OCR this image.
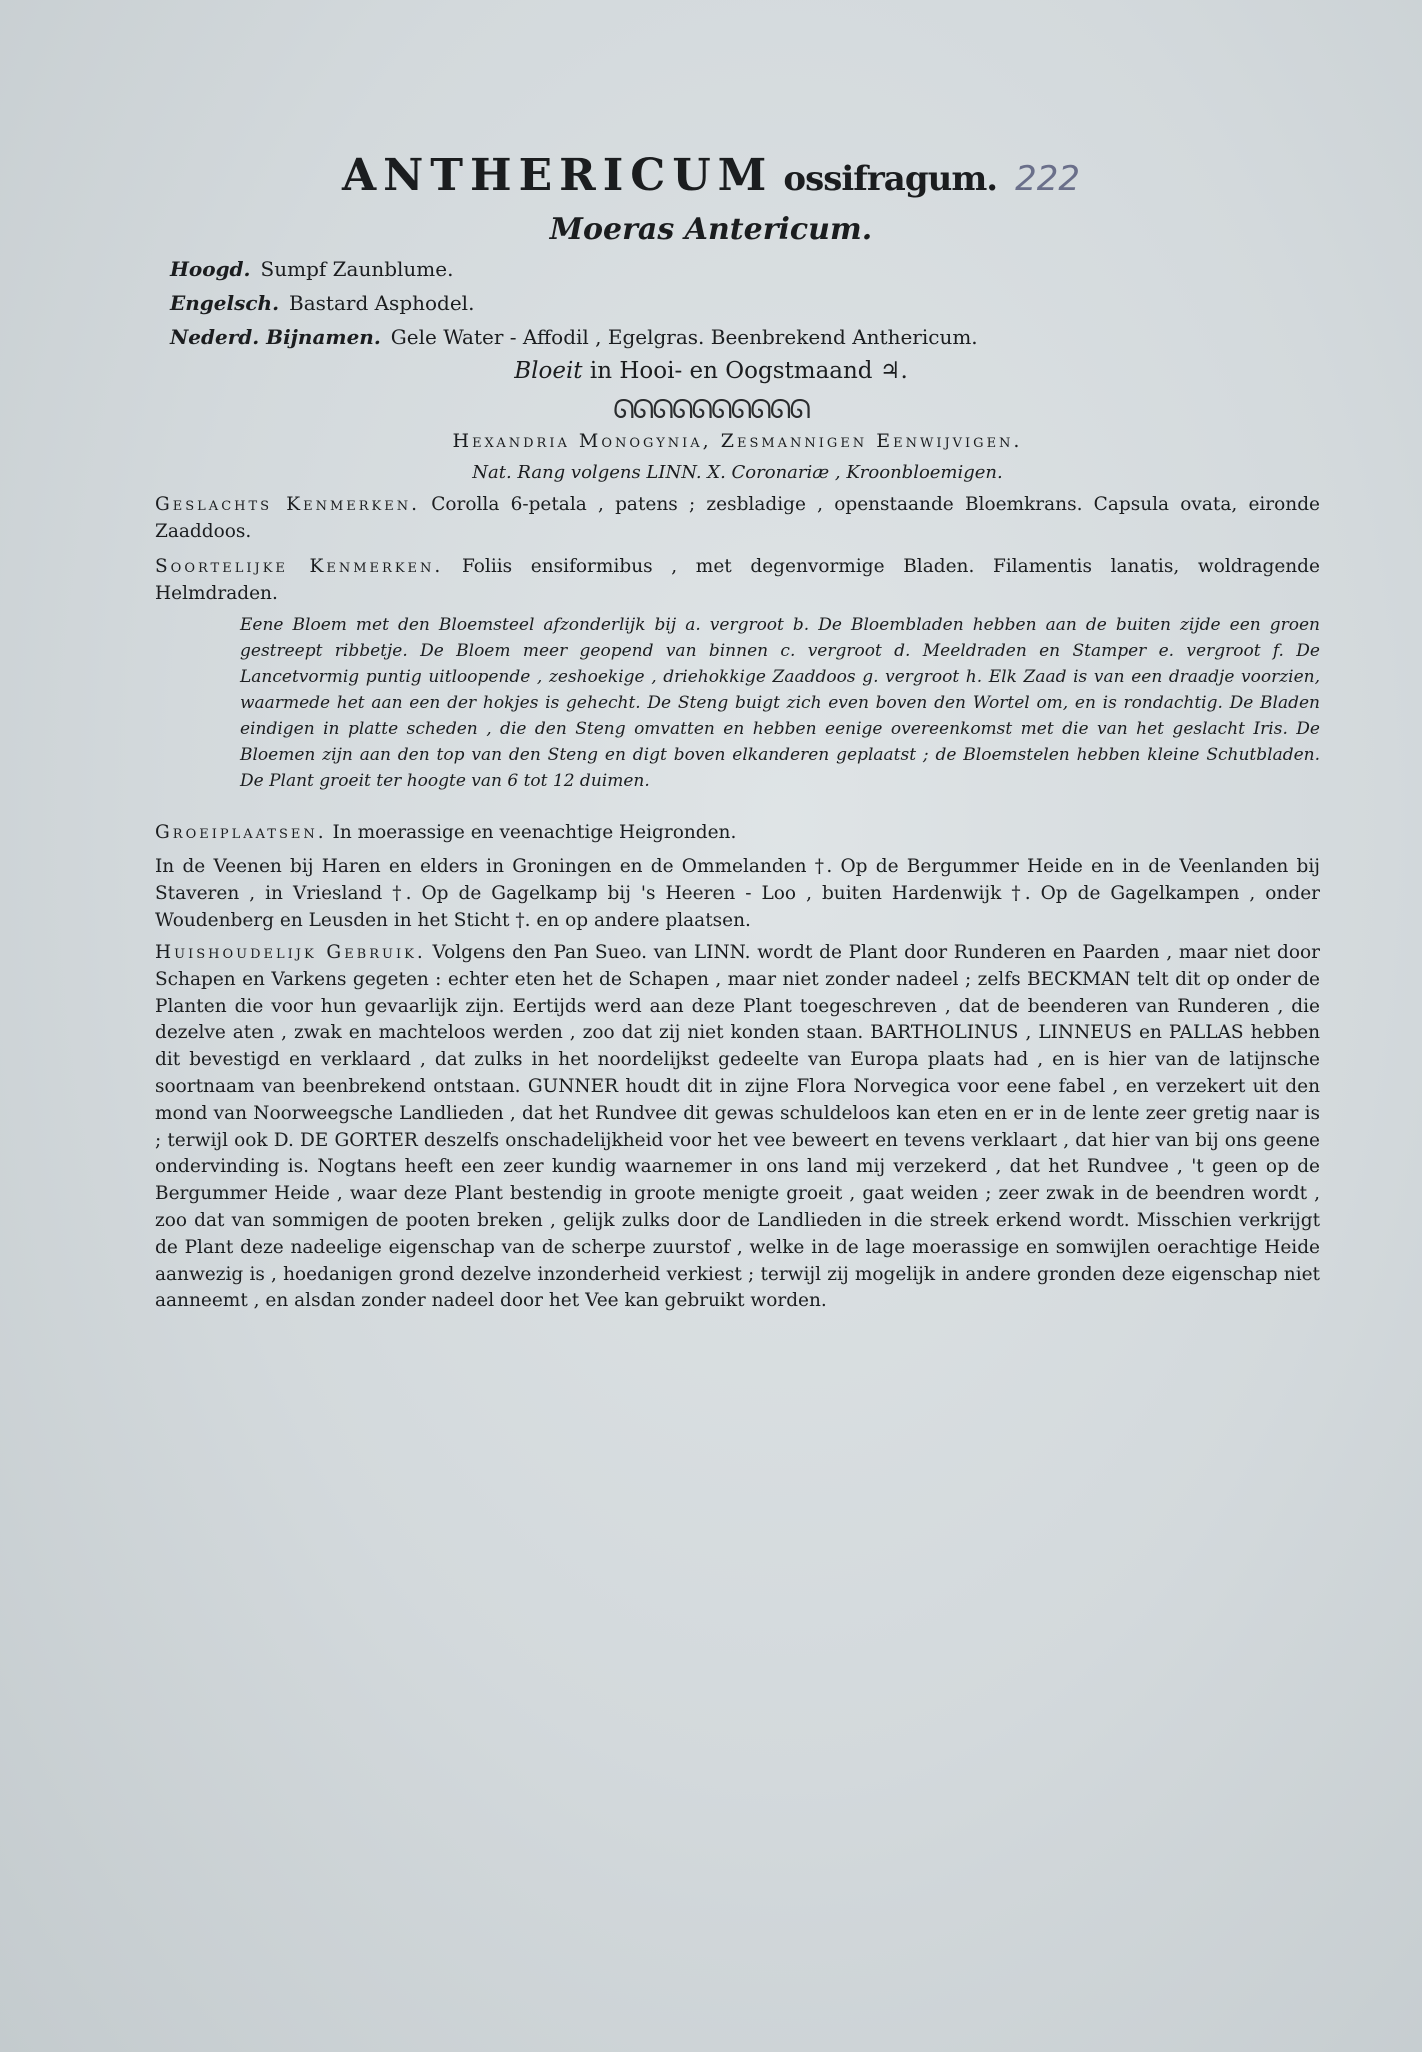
ANTHERICUM ossifragum. 222
Moeras Antericum.
Hoogd. Sumpf Zaunblume.
Engelsch. Bastard Asphodel.
Nederd. Bijnamen. Gele Water - Affodil , Egelgras. Beenbrekend Anthericum.
Bloeit in Hooi- en Oogstmaand ♃.
ᘏᘏᘏᘏᘏᘏᘏᘏᘏᘏ
Hexandria Monogynia, Zesmannigen Eenwijvigen.
Nat. Rang volgens LINN. X. Coronariæ , Kroonbloemigen.
Geslachts Kenmerken. Corolla 6-petala , patens ; zesbladige , openstaande Bloemkrans. Capsula ovata, eironde Zaaddoos.
Soortelijke Kenmerken. Foliis ensiformibus , met degenvormige Bladen. Filamentis lanatis, woldragende Helmdraden.
Eene Bloem met den Bloemsteel afzonderlijk bij a. vergroot b. De Bloembladen hebben aan de buiten zijde een groen gestreept ribbetje. De Bloem meer geopend van binnen c. vergroot d. Meeldraden en Stamper e. vergroot f. De Lancetvormig puntig uitloopende , zeshoekige , driehokkige Zaaddoos g. vergroot h. Elk Zaad is van een draadje voorzien, waarmede het aan een der hokjes is gehecht. De Steng buigt zich even boven den Wortel om, en is rondachtig. De Bladen eindigen in platte scheden , die den Steng omvatten en hebben eenige overeenkomst met die van het geslacht Iris. De Bloemen zijn aan den top van den Steng en digt boven elkanderen geplaatst ; de Bloemstelen hebben kleine Schutbladen. De Plant groeit ter hoogte van 6 tot 12 duimen.
Groeiplaatsen. In moerassige en veenachtige Heigronden.
In de Veenen bij Haren en elders in Groningen en de Ommelanden †. Op de Bergummer Heide en in de Veenlanden bij Staveren , in Vriesland †. Op de Gagelkamp bij 's Heeren - Loo , buiten Hardenwijk †. Op de Gagelkampen , onder Woudenberg en Leusden in het Sticht †. en op andere plaatsen.
Huishoudelijk Gebruik. Volgens den Pan Sueo. van LINN. wordt de Plant door Runderen en Paarden , maar niet door Schapen en Varkens gegeten : echter eten het de Schapen , maar niet zonder nadeel ; zelfs BECKMAN telt dit op onder de Planten die voor hun gevaarlijk zijn. Eertijds werd aan deze Plant toegeschreven , dat de beenderen van Runderen , die dezelve aten , zwak en machteloos werden , zoo dat zij niet konden staan. BARTHOLINUS , LINNEUS en PALLAS hebben dit bevestigd en verklaard , dat zulks in het noordelijkst gedeelte van Europa plaats had , en is hier van de latijnsche soortnaam van beenbrekend ontstaan. GUNNER houdt dit in zijne Flora Norvegica voor eene fabel , en verzekert uit den mond van Noorweegsche Landlieden , dat het Rundvee dit gewas schuldeloos kan eten en er in de lente zeer gretig naar is ; terwijl ook D. DE GORTER deszelfs onschadelijkheid voor het vee beweert en tevens verklaart , dat hier van bij ons geene ondervinding is. Nogtans heeft een zeer kundig waarnemer in ons land mij verzekerd , dat het Rundvee , 't geen op de Bergummer Heide , waar deze Plant bestendig in groote menigte groeit , gaat weiden ; zeer zwak in de beendren wordt , zoo dat van sommigen de pooten breken , gelijk zulks door de Landlieden in die streek erkend wordt. Misschien verkrijgt de Plant deze nadeelige eigenschap van de scherpe zuurstof , welke in de lage moerassige en somwijlen oerachtige Heide aanwezig is , hoedanigen grond dezelve inzonderheid verkiest ; terwijl zij mogelijk in andere gronden deze eigenschap niet aanneemt , en alsdan zonder nadeel door het Vee kan gebruikt worden.
